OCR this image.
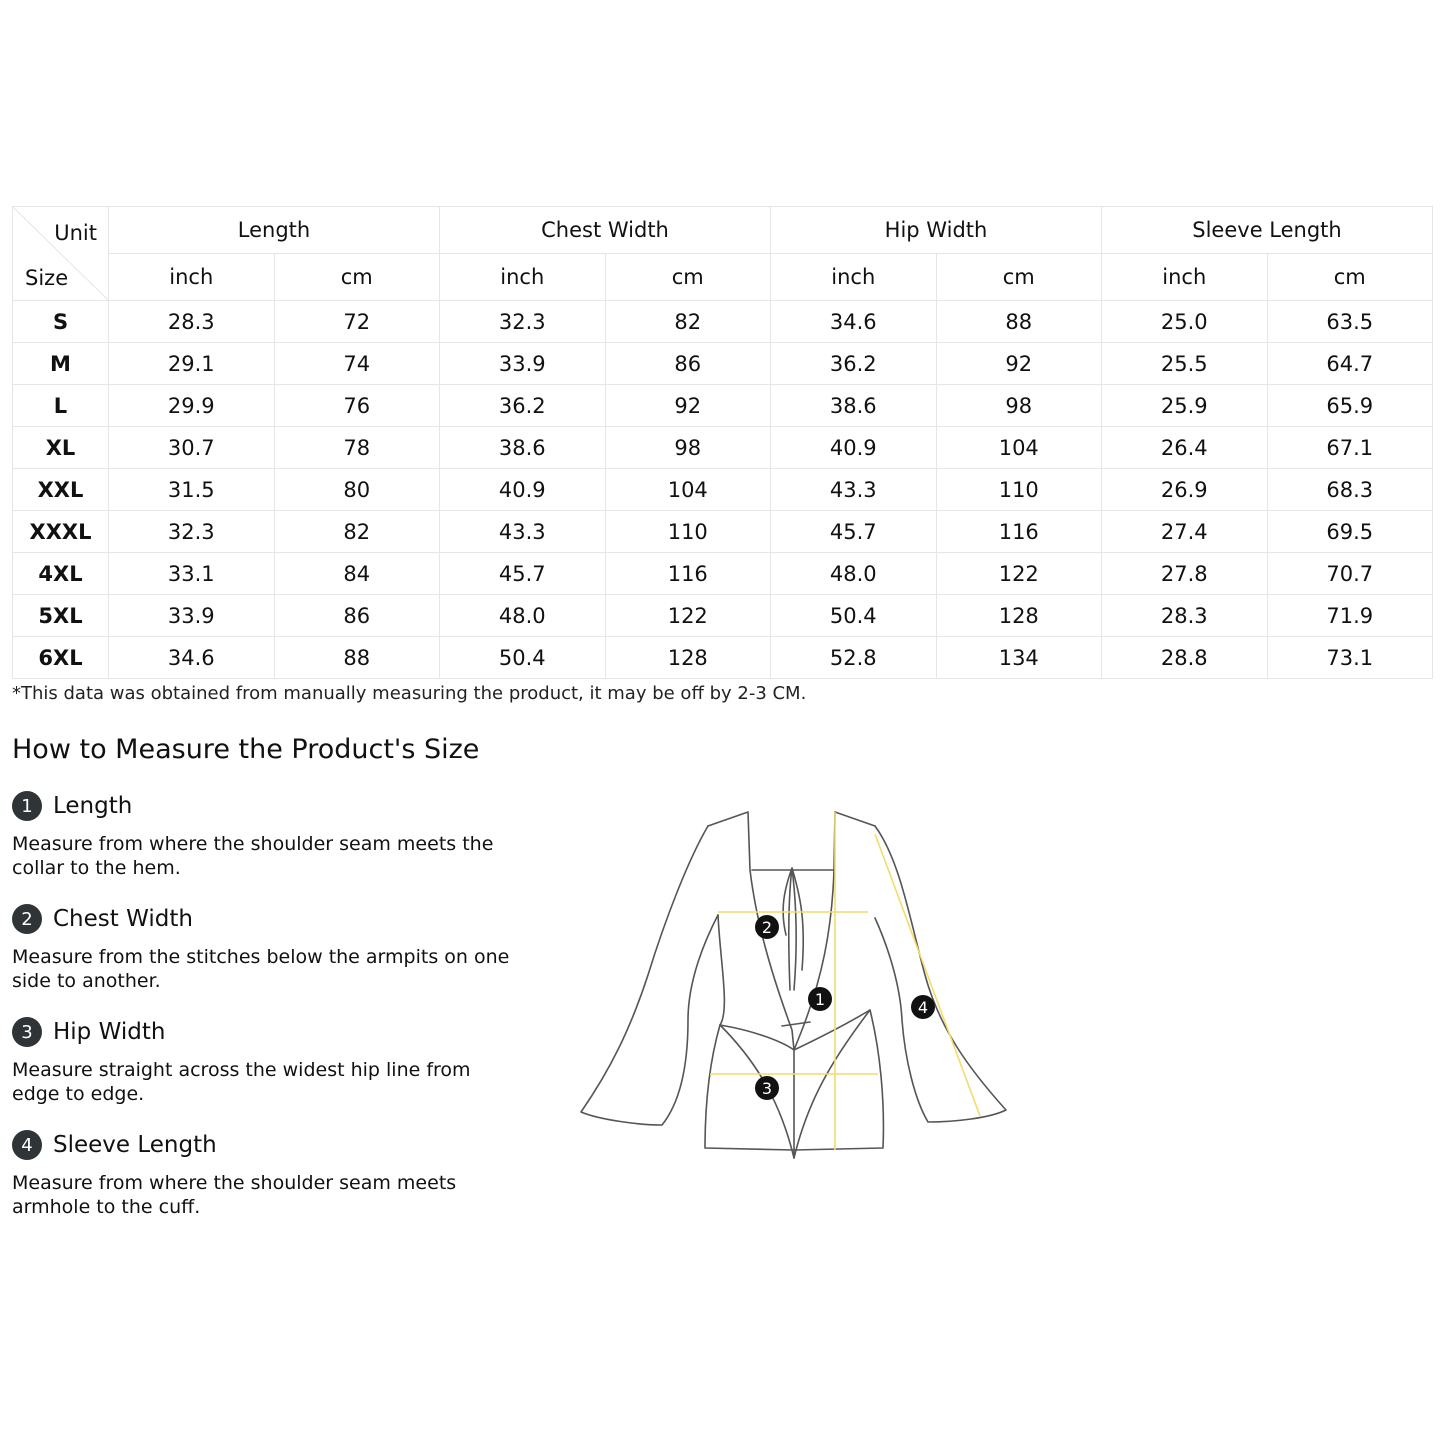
Unit
Size	Length		Chest Width		Hip Width		Sleeve Length	
	inch	cm	inch	cm	inch	cm	inch	cm
S	28.3	72	32.3	82	34.6	88	25.0	63.5
M	29.1	74	33.9	86	36.2	92	25.5	64.7
L	29.9	76	36.2	92	38.6	98	25.9	65.9
XL	30.7	78	38.6	98	40.9	104	26.4	67.1
XXL	31.5	80	40.9	104	43.3	110	26.9	68.3
XXXL	32.3	82	43.3	110	45.7	116	27.4	69.5
4XL	33.1	84	45.7	116	48.0	122	27.8	70.7
5XL	33.9	86	48.0	122	50.4	128	28.3	71.9
6XL	34.6	88	50.4	128	52.8	134	28.8	73.1
*This data was obtained from manually measuring the product, it may be off by 2-3 CM.
How to Measure the Product's Size
1 Length
Measure from where the shoulder seam meets the collar to the hem.
2 Chest Width
Measure from the stitches below the armpits on one side to another.
3 Hip Width
Measure straight across the widest hip line from edge to edge.
4 Sleeve Length
Measure from where the shoulder seam meets armhole to the cuff.
2
1
3
4
